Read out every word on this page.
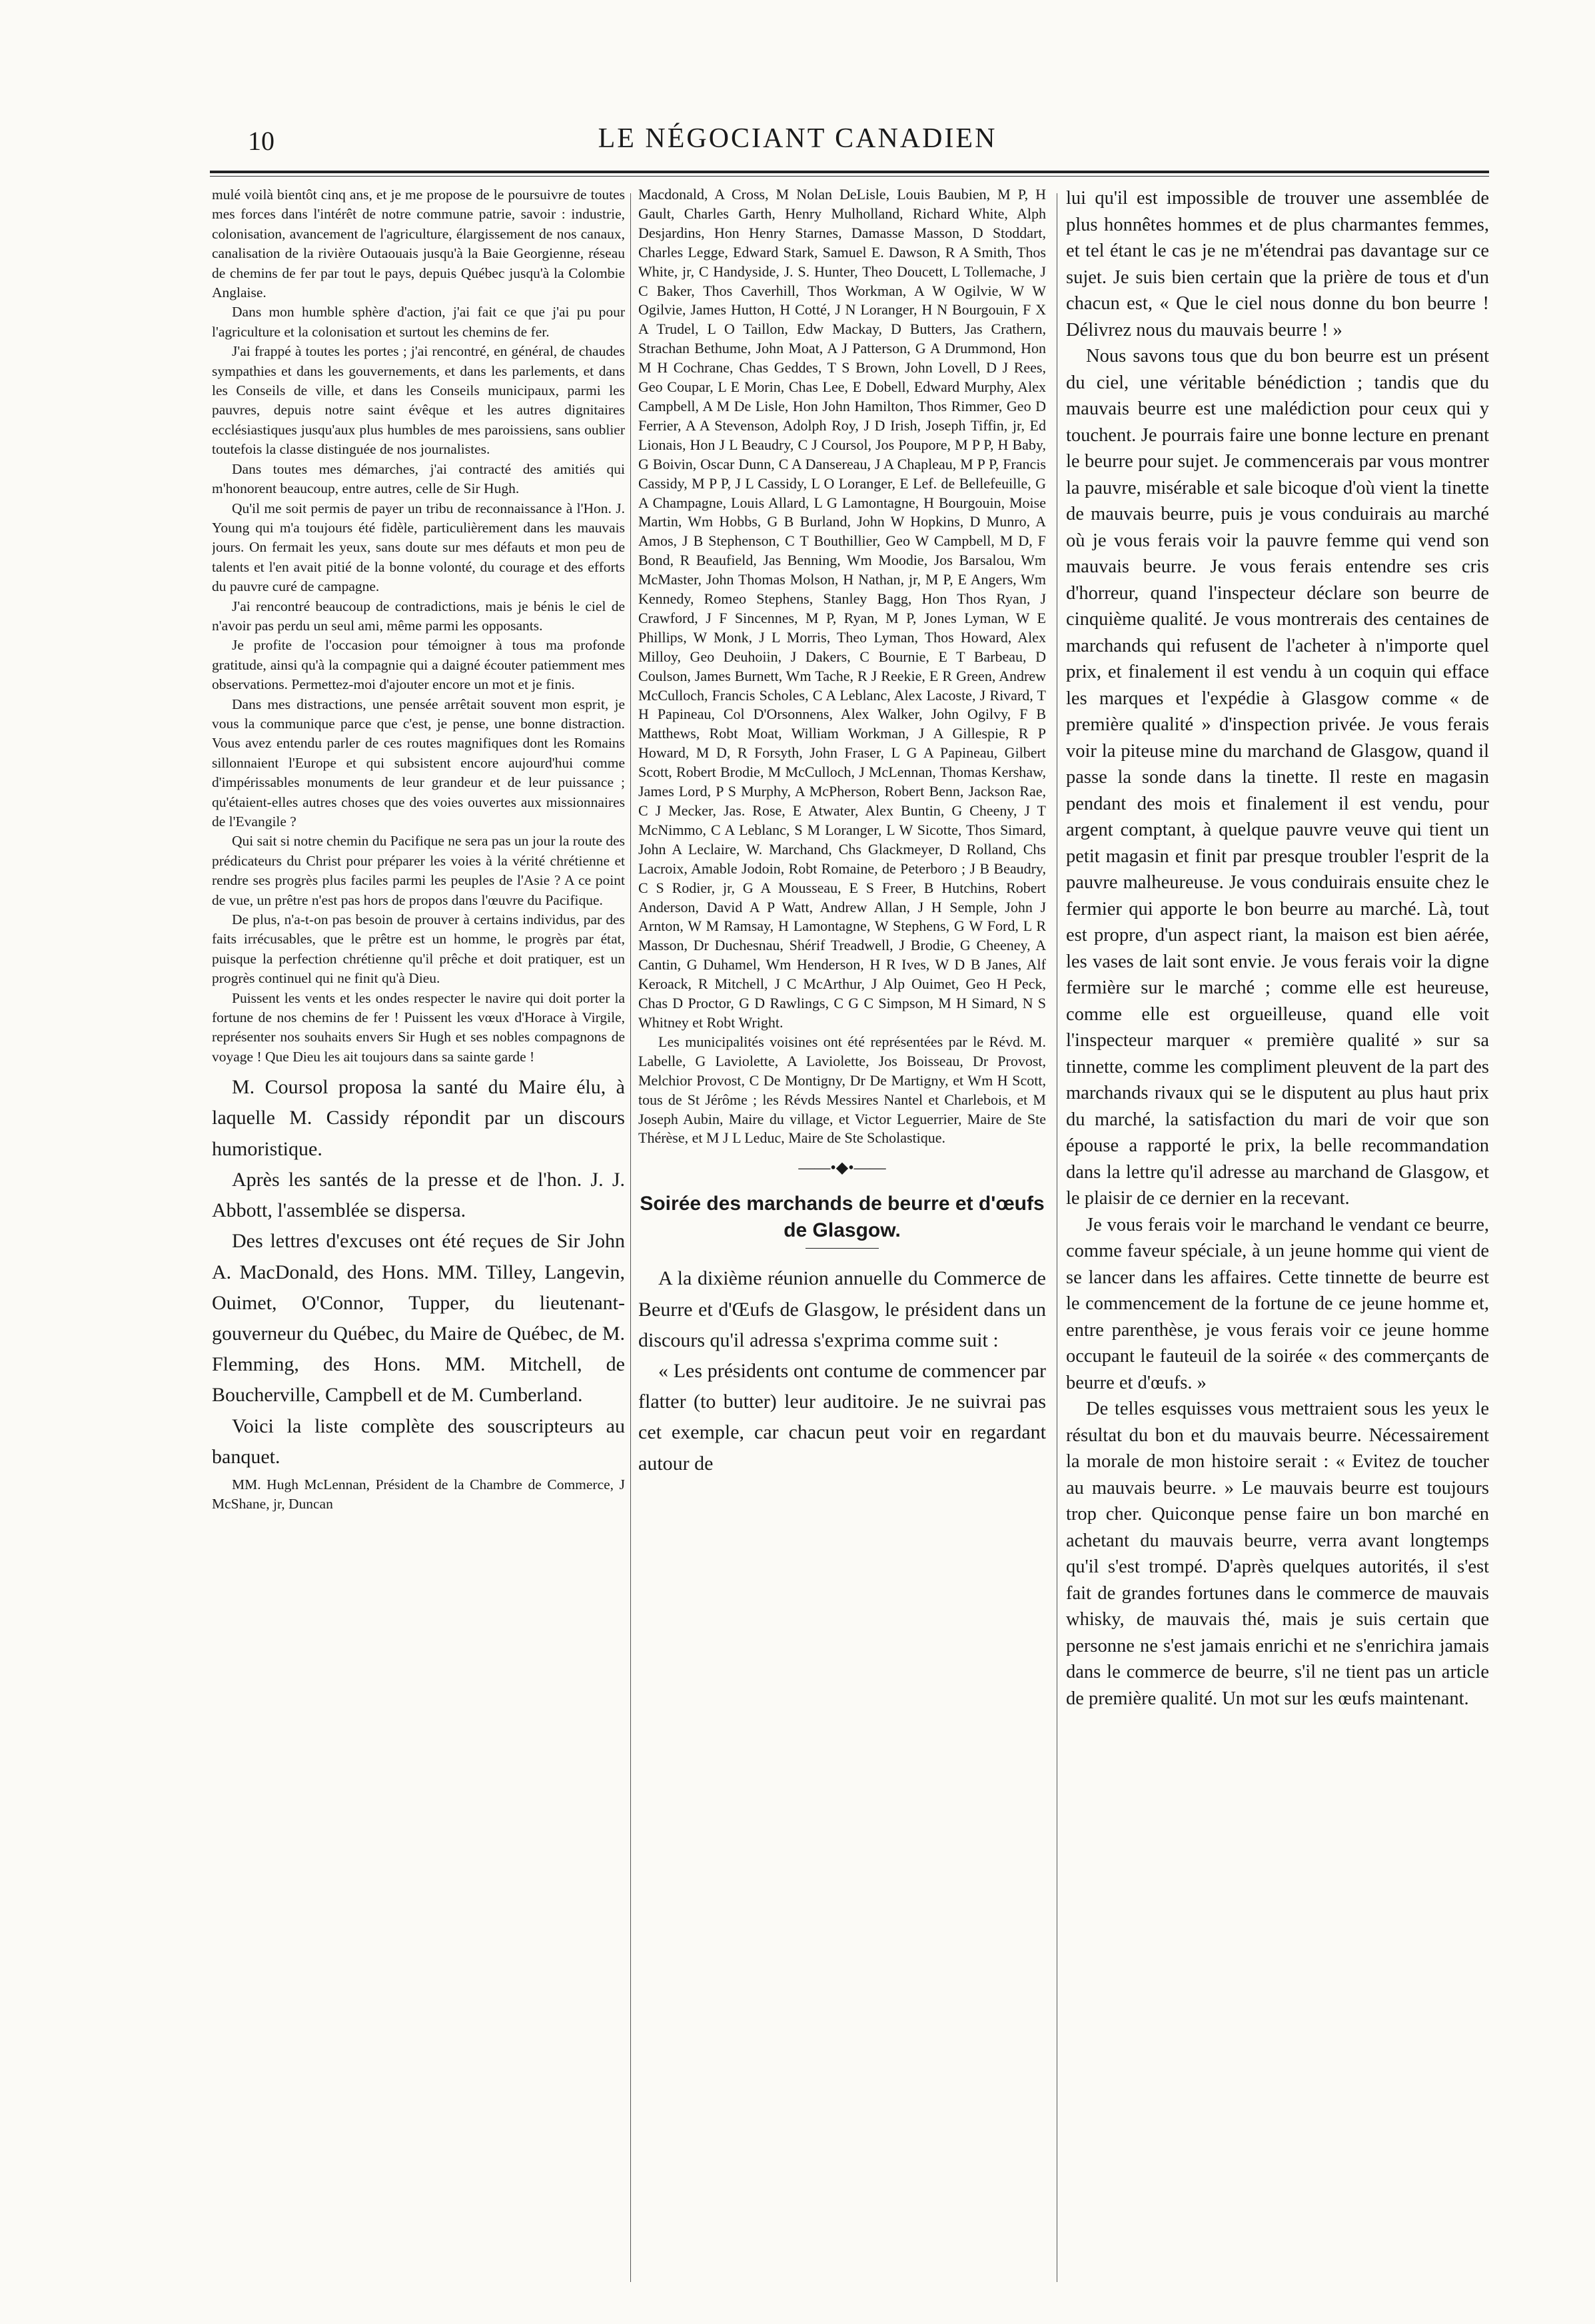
10	LE NÉGOCIANT CANADIEN

mulé voilà bientôt cinq ans, et je me propose de le poursuivre de toutes mes forces dans l'intérêt de notre commune patrie, savoir : industrie, colonisation, avancement de l'agriculture, élargissement de nos canaux, canalisation de la rivière Outaouais jusqu'à la Baie Georgienne, réseau de chemins de fer par tout le pays, depuis Québec jusqu'à la Colombie Anglaise.

Dans mon humble sphère d'action, j'ai fait ce que j'ai pu pour l'agriculture et la colonisation et surtout les chemins de fer.

J'ai frappé à toutes les portes ; j'ai rencontré, en général, de chaudes sympathies et dans les gouvernements, et dans les parlements, et dans les Conseils de ville, et dans les Conseils municipaux, parmi les pauvres, depuis notre saint évêque et les autres dignitaires ecclésiastiques jusqu'aux plus humbles de mes paroissiens, sans oublier toutefois la classe distinguée de nos journalistes.

Dans toutes mes démarches, j'ai contracté des amitiés qui m'honorent beaucoup, entre autres, celle de Sir Hugh.

Qu'il me soit permis de payer un tribu de reconnaissance à l'Hon. J. Young qui m'a toujours été fidèle, particulièrement dans les mauvais jours. On fermait les yeux, sans doute sur mes défauts et mon peu de talents et l'en avait pitié de la bonne volonté, du courage et des efforts du pauvre curé de campagne.

J'ai rencontré beaucoup de contradictions, mais je bénis le ciel de n'avoir pas perdu un seul ami, même parmi les opposants.

Je profite de l'occasion pour témoigner à tous ma profonde gratitude, ainsi qu'à la compagnie qui a daigné écouter patiemment mes observations. Permettez-moi d'ajouter encore un mot et je finis.

Dans mes distractions, une pensée arrêtait souvent mon esprit, je vous la communique parce que c'est, je pense, une bonne distraction. Vous avez entendu parler de ces routes magnifiques dont les Romains sillonnaient l'Europe et qui subsistent encore aujourd'hui comme d'impérissables monuments de leur grandeur et de leur puissance ; qu'étaient-elles autres choses que des voies ouvertes aux missionnaires de l'Evangile ?

Qui sait si notre chemin du Pacifique ne sera pas un jour la route des prédicateurs du Christ pour préparer les voies à la vérité chrétienne et rendre ses progrès plus faciles parmi les peuples de l'Asie ? A ce point de vue, un prêtre n'est pas hors de propos dans l'œuvre du Pacifique.

De plus, n'a-t-on pas besoin de prouver à certains individus, par des faits irrécusables, que le prêtre est un homme, le progrès par état, puisque la perfection chrétienne qu'il prêche et doit pratiquer, est un progrès continuel qui ne finit qu'à Dieu.

Puissent les vents et les ondes respecter le navire qui doit porter la fortune de nos chemins de fer ! Puissent les vœux d'Horace à Virgile, représenter nos souhaits envers Sir Hugh et ses nobles compagnons de voyage ! Que Dieu les ait toujours dans sa sainte garde !

M. Coursol proposa la santé du Maire élu, à laquelle M. Cassidy répondit par un discours humoristique.

Après les santés de la presse et de l'hon. J. J. Abbott, l'assemblée se dispersa.

Des lettres d'excuses ont été reçues de Sir John A. MacDonald, des Hons. MM. Tilley, Langevin, Ouimet, O'Connor, Tupper, du lieutenant-gouverneur du Québec, du Maire de Québec, de M. Flemming, des Hons. MM. Mitchell, de Boucherville, Campbell et de M. Cumberland.

Voici la liste complète des souscripteurs au banquet.

MM. Hugh McLennan, Président de la Chambre de Commerce, J McShane, jr, Duncan

Macdonald, A Cross, M Nolan DeLisle, Louis Baubien, M P, H Gault, Charles Garth, Henry Mulholland, Richard White, Alph Desjardins, Hon Henry Starnes, Damasse Masson, D Stoddart, Charles Legge, Edward Stark, Samuel E. Dawson, R A Smith, Thos White, jr, C Handyside, J. S. Hunter, Theo Doucett, L Tollemache, J C Baker, Thos Caverhill, Thos Workman, A W Ogilvie, W W Ogilvie, James Hutton, H Cotté, J N Loranger, H N Bourgouin, F X A Trudel, L O Taillon, Edw Mackay, D Butters, Jas Crathern, Strachan Bethume, John Moat, A J Patterson, G A Drummond, Hon M H Cochrane, Chas Geddes, T S Brown, John Lovell, D J Rees, Geo Coupar, L E Morin, Chas Lee, E Dobell, Edward Murphy, Alex Campbell, A M De Lisle, Hon John Hamilton, Thos Rimmer, Geo D Ferrier, A A Stevenson, Adolph Roy, J D Irish, Joseph Tiffin, jr, Ed Lionais, Hon J L Beaudry, C J Coursol, Jos Poupore, M P P, H Baby, G Boivin, Oscar Dunn, C A Dansereau, J A Chapleau, M P P, Francis Cassidy, M P P, J L Cassidy, L O Loranger, E Lef. de Bellefeuille, G A Champagne, Louis Allard, L G Lamontagne, H Bourgouin, Moise Martin, Wm Hobbs, G B Burland, John W Hopkins, D Munro, A Amos, J B Stephenson, C T Bouthillier, Geo W Campbell, M D, F Bond, R Beaufield, Jas Benning, Wm Moodie, Jos Barsalou, Wm McMaster, John Thomas Molson, H Nathan, jr, M P, E Angers, Wm Kennedy, Romeo Stephens, Stanley Bagg, Hon Thos Ryan, J Crawford, J F Sincennes, M P, Ryan, M P, Jones Lyman, W E Phillips, W Monk, J L Morris, Theo Lyman, Thos Howard, Alex Milloy, Geo Deuhoiin, J Dakers, C Bournie, E T Barbeau, D Coulson, James Burnett, Wm Tache, R J Reekie, E R Green, Andrew McCulloch, Francis Scholes, C A Leblanc, Alex Lacoste, J Rivard, T H Papineau, Col D'Orsonnens, Alex Walker, John Ogilvy, F B Matthews, Robt Moat, William Workman, J A Gillespie, R P Howard, M D, R Forsyth, John Fraser, L G A Papineau, Gilbert Scott, Robert Brodie, M McCulloch, J McLennan, Thomas Kershaw, James Lord, P S Murphy, A McPherson, Robert Benn, Jackson Rae, C J Mecker, Jas. Rose, E Atwater, Alex Buntin, G Cheeny, J T McNimmo, C A Leblanc, S M Loranger, L W Sicotte, Thos Simard, John A Leclaire, W. Marchand, Chs Glackmeyer, D Rolland, Chs Lacroix, Amable Jodoin, Robt Romaine, de Peterboro ; J B Beaudry, C S Rodier, jr, G A Mousseau, E S Freer, B Hutchins, Robert Anderson, David A P Watt, Andrew Allan, J H Semple, John J Arnton, W M Ramsay, H Lamontagne, W Stephens, G W Ford, L R Masson, Dr Duchesnau, Shérif Treadwell, J Brodie, G Cheeney, A Cantin, G Duhamel, Wm Henderson, H R Ives, W D B Janes, Alf Keroack, R Mitchell, J C McArthur, J Alp Ouimet, Geo H Peck, Chas D Proctor, G D Rawlings, C G C Simpson, M H Simard, N S Whitney et Robt Wright.

Les municipalités voisines ont été représentées par le Révd. M. Labelle, G Laviolette, A Laviolette, Jos Boisseau, Dr Provost, Melchior Provost, C De Montigny, Dr De Martigny, et Wm H Scott, tous de St Jérôme ; les Révds Messires Nantel et Charlebois, et M Joseph Aubin, Maire du village, et Victor Leguerrier, Maire de Ste Thérèse, et M J L Leduc, Maire de Ste Scholastique.

——•◆•——
Soirée des marchands de beurre et d'œufs de Glasgow.

A la dixième réunion annuelle du Commerce de Beurre et d'Œufs de Glasgow, le président dans un discours qu'il adressa s'exprima comme suit :

« Les présidents ont contume de commencer par flatter (to butter) leur auditoire. Je ne suivrai pas cet exemple, car chacun peut voir en regardant autour de

lui qu'il est impossible de trouver une assemblée de plus honnêtes hommes et de plus charmantes femmes, et tel étant le cas je ne m'étendrai pas davantage sur ce sujet. Je suis bien certain que la prière de tous et d'un chacun est, « Que le ciel nous donne du bon beurre ! Délivrez nous du mauvais beurre ! »

Nous savons tous que du bon beurre est un présent du ciel, une véritable bénédiction ; tandis que du mauvais beurre est une malédiction pour ceux qui y touchent. Je pourrais faire une bonne lecture en prenant le beurre pour sujet. Je commencerais par vous montrer la pauvre, misérable et sale bicoque d'où vient la tinette de mauvais beurre, puis je vous conduirais au marché où je vous ferais voir la pauvre femme qui vend son mauvais beurre. Je vous ferais entendre ses cris d'horreur, quand l'inspecteur déclare son beurre de cinquième qualité. Je vous montrerais des centaines de marchands qui refusent de l'acheter à n'importe quel prix, et finalement il est vendu à un coquin qui efface les marques et l'expédie à Glasgow comme « de première qualité » d'inspection privée. Je vous ferais voir la piteuse mine du marchand de Glasgow, quand il passe la sonde dans la tinette. Il reste en magasin pendant des mois et finalement il est vendu, pour argent comptant, à quelque pauvre veuve qui tient un petit magasin et finit par presque troubler l'esprit de la pauvre malheureuse. Je vous conduirais ensuite chez le fermier qui apporte le bon beurre au marché. Là, tout est propre, d'un aspect riant, la maison est bien aérée, les vases de lait sont envie. Je vous ferais voir la digne fermière sur le marché ; comme elle est heureuse, comme elle est orgueilleuse, quand elle voit l'inspecteur marquer « première qualité » sur sa tinnette, comme les compliment pleuvent de la part des marchands rivaux qui se le disputent au plus haut prix du marché, la satisfaction du mari de voir que son épouse a rapporté le prix, la belle recommandation dans la lettre qu'il adresse au marchand de Glasgow, et le plaisir de ce dernier en la recevant.

Je vous ferais voir le marchand le vendant ce beurre, comme faveur spéciale, à un jeune homme qui vient de se lancer dans les affaires. Cette tinnette de beurre est le commencement de la fortune de ce jeune homme et, entre parenthèse, je vous ferais voir ce jeune homme occupant le fauteuil de la soirée « des commerçants de beurre et d'œufs. »

De telles esquisses vous mettraient sous les yeux le résultat du bon et du mauvais beurre. Nécessairement la morale de mon histoire serait : « Evitez de toucher au mauvais beurre. » Le mauvais beurre est toujours trop cher. Quiconque pense faire un bon marché en achetant du mauvais beurre, verra avant longtemps qu'il s'est trompé. D'après quelques autorités, il s'est fait de grandes fortunes dans le commerce de mauvais whisky, de mauvais thé, mais je suis certain que personne ne s'est jamais enrichi et ne s'enrichira jamais dans le commerce de beurre, s'il ne tient pas un article de première qualité. Un mot sur les œufs maintenant.
